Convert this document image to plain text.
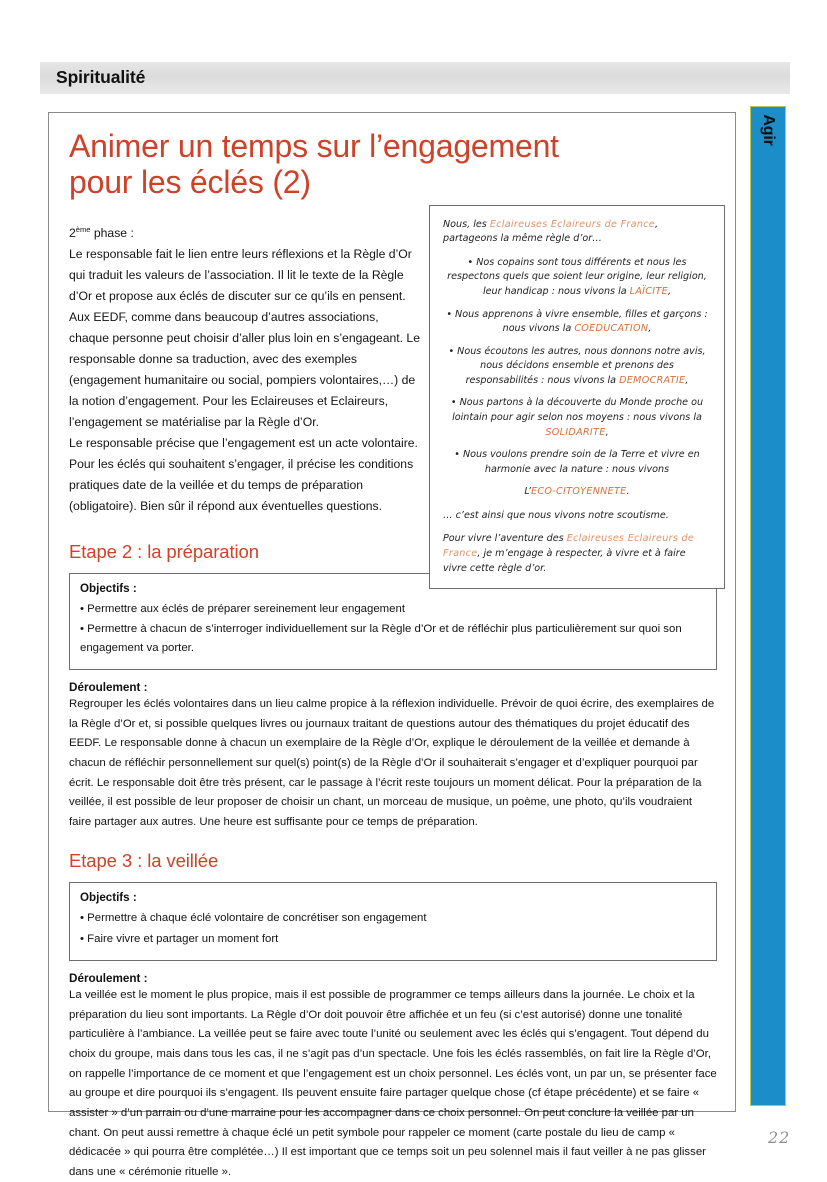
Spiritualité
Agir
Animer un temps sur l’engagement
pour les éclés (2)

2ème phase :

Le responsable fait le lien entre leurs réflexions et la Règle d’Or qui traduit les valeurs de l’association. Il lit le texte de la Règle d’Or et propose aux éclés de discuter sur ce qu’ils en pensent. Aux EEDF, comme dans beaucoup d’autres associations, chaque personne peut choisir d’aller plus loin en s’engageant. Le responsable donne sa traduction, avec des exemples (engagement humanitaire ou social, pompiers volontaires,…) de la notion d’engagement. Pour les Eclaireuses et Eclaireurs, l’engagement se matérialise par la Règle d’Or.

Le responsable précise que l’engagement est un acte volontaire. Pour les éclés qui souhaitent s’engager, il précise les conditions pratiques date de la veillée et du temps de préparation (obligatoire). Bien sûr il répond aux éventuelles questions.

Nous, les Eclaireuses Eclaireurs de France, partageons la même règle d’or…

• Nos copains sont tous différents et nous les respectons quels que soient leur origine, leur religion, leur handicap : nous vivons la LAÏCITE,

• Nous apprenons à vivre ensemble, filles et garçons : nous vivons la COEDUCATION,

• Nous écoutons les autres, nous donnons notre avis, nous décidons ensemble et prenons des responsabilités : nous vivons la DEMOCRATIE,

• Nous partons à la découverte du Monde proche ou lointain pour agir selon nos moyens : nous vivons la SOLIDARITE,

• Nous voulons prendre soin de la Terre et vivre en harmonie avec la nature : nous vivons

L’ECO-CITOYENNETE.

… c’est ainsi que nous vivons notre scoutisme.

Pour vivre l’aventure des Eclaireuses Eclaireurs de France, je m’engage à respecter, à vivre et à faire vivre cette règle d’or.

Etape 2 : la préparation
Objectifs :
• Permettre aux éclés de préparer sereinement leur engagement
• Permettre à chacun de s’interroger individuellement sur la Règle d’Or et de réfléchir plus particulièrement sur quoi son engagement va porter.
Déroulement :
Regrouper les éclés volontaires dans un lieu calme propice à la réflexion individuelle. Prévoir de quoi écrire, des exemplaires de la Règle d’Or et, si possible quelques livres ou journaux traitant de questions autour des thématiques du projet éducatif des EEDF. Le responsable donne à chacun un exemplaire de la Règle d’Or, explique le déroulement de la veillée et demande à chacun de réfléchir personnellement sur quel(s) point(s) de la Règle d’Or il souhaiterait s’engager et d’expliquer pourquoi par écrit. Le responsable doit être très présent, car le passage à l’écrit reste toujours un moment délicat. Pour la préparation de la veillée, il est possible de leur proposer de choisir un chant, un morceau de musique, un poème, une photo, qu’ils voudraient faire partager aux autres. Une heure est suffisante pour ce temps de préparation.
Etape 3 : la veillée
Objectifs :
• Permettre à chaque éclé volontaire de concrétiser son engagement
• Faire vivre et partager un moment fort
Déroulement :
La veillée est le moment le plus propice, mais il est possible de programmer ce temps ailleurs dans la journée. Le choix et la préparation du lieu sont importants. La Règle d’Or doit pouvoir être affichée et un feu (si c’est autorisé) donne une tonalité particulière à l’ambiance. La veillée peut se faire avec toute l’unité ou seulement avec les éclés qui s’engagent. Tout dépend du choix du groupe, mais dans tous les cas, il ne s’agit pas d’un spectacle. Une fois les éclés rassemblés, on fait lire la Règle d’Or, on rappelle l’importance de ce moment et que l’engagement est un choix personnel. Les éclés vont, un par un, se présenter face au groupe et dire pourquoi ils s’engagent. Ils peuvent ensuite faire partager quelque chose (cf étape précédente) et se faire « assister » d’un parrain ou d’une marraine pour les accompagner dans ce choix personnel. On peut conclure la veillée par un chant. On peut aussi remettre à chaque éclé un petit symbole pour rappeler ce moment (carte postale du lieu de camp « dédicacée » qui pourra être complétée…) Il est important que ce temps soit un peu solennel mais il faut veiller à ne pas glisser dans une « cérémonie rituelle ».
22
